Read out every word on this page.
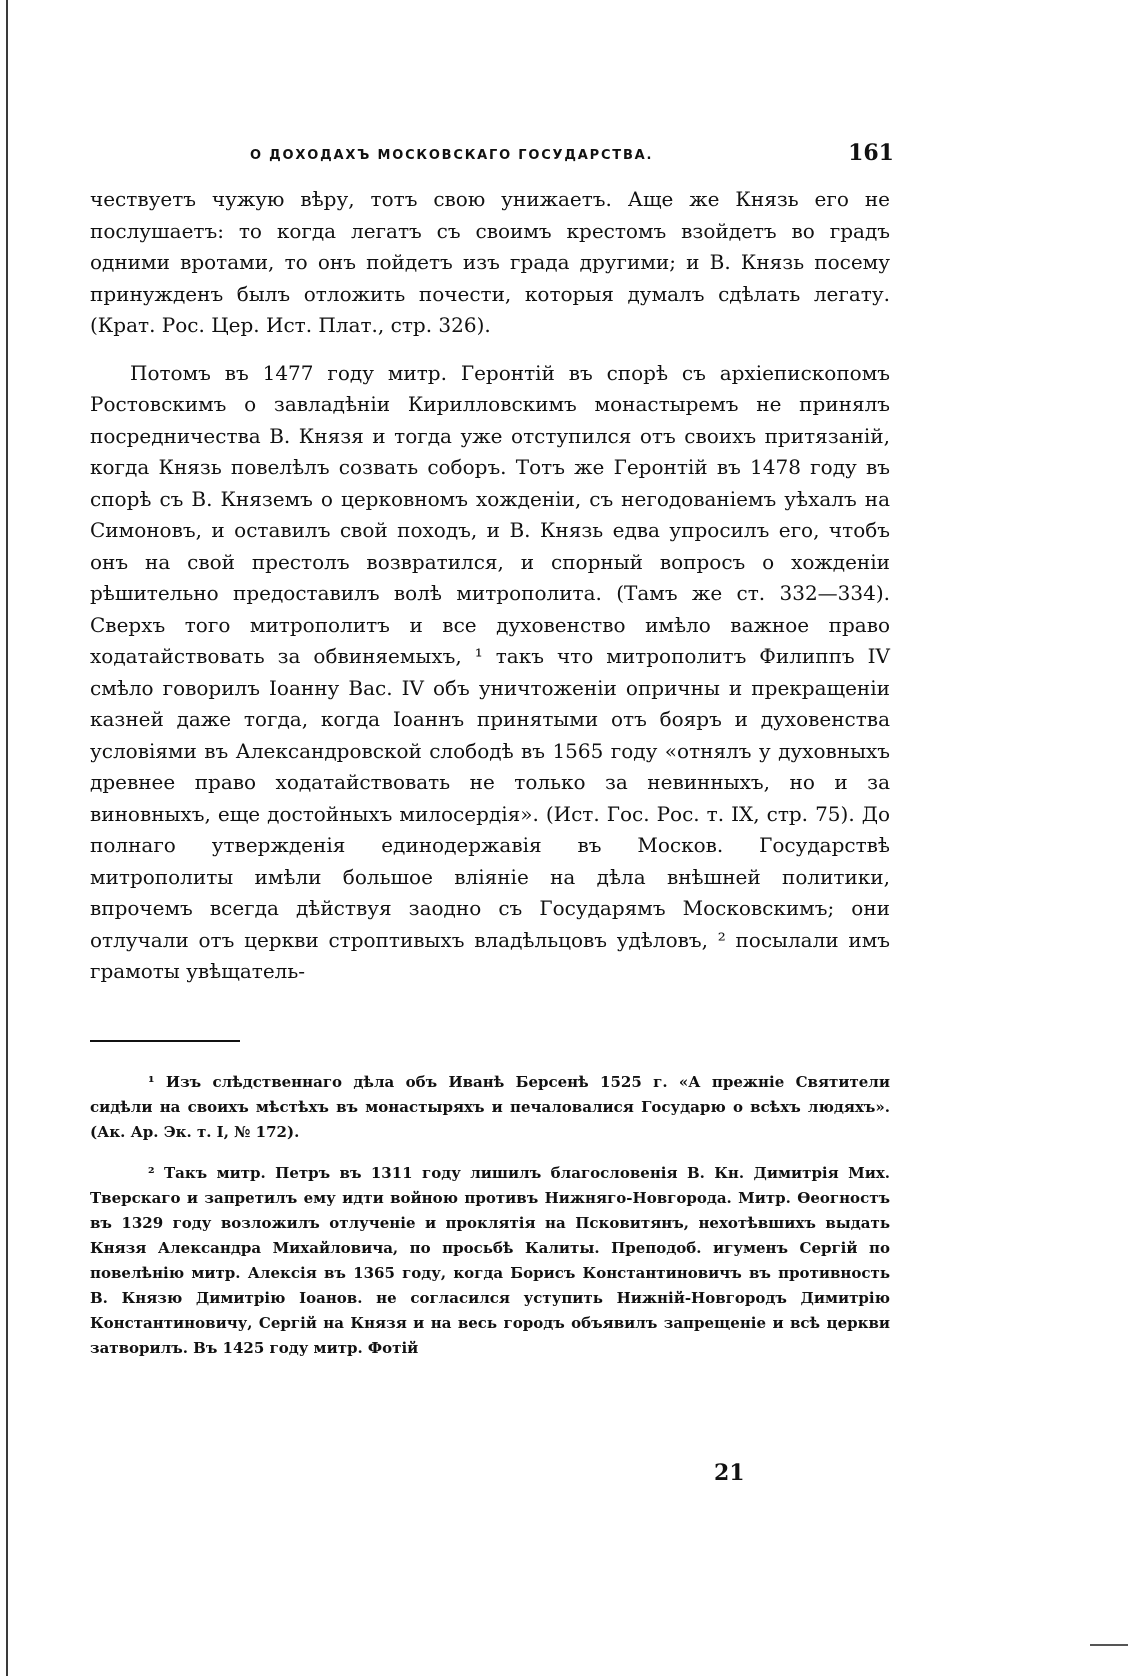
О ДОХОДАХЪ МОСКОВСКАГО ГОСУДАРСТВА.	161

чествуетъ чужую вѣру, тотъ свою унижаетъ. Аще же Князь его не послушаетъ: то когда легатъ съ своимъ крестомъ взойдетъ во градъ одними вротами, то онъ пойдетъ изъ града другими; и В. Князь посему принужденъ былъ отложить почести, которыя думалъ сдѣлать легату. (Крат. Рос. Цер. Ист. Плат., стр. 326).

Потомъ въ 1477 году митр. Геронтій въ спорѣ съ архіепископомъ Ростовскимъ о завладѣніи Кирилловскимъ монастыремъ не принялъ посредничества В. Князя и тогда уже отступился отъ своихъ притязаній, когда Князь повелѣлъ созвать соборъ. Тотъ же Геронтій въ 1478 году въ спорѣ съ В. Княземъ о церковномъ хожденіи, съ негодованіемъ уѣхалъ на Симоновъ, и оставилъ свой походъ, и В. Князь едва упросилъ его, чтобъ онъ на свой престолъ возвратился, и спорный вопросъ о хожденіи рѣшительно предоставилъ волѣ митрополита. (Тамъ же ст. 332—334). Сверхъ того митрополитъ и все духовенство имѣло важное право ходатайствовать за обвиняемыхъ, ¹ такъ что митрополитъ Филиппъ IV смѣло говорилъ Іоанну Вас. IV объ уничтоженіи опричны и прекращеніи казней даже тогда, когда Іоаннъ принятыми отъ бояръ и духовенства условіями въ Александровской слободѣ въ 1565 году «отнялъ у духовныхъ древнее право ходатайствовать не только за невинныхъ, но и за виновныхъ, еще достойныхъ милосердія». (Ист. Гос. Рос. т. IX, стр. 75). До полнаго утвержденія единодержавія въ Москов. Государствѣ митрополиты имѣли большое вліяніе на дѣла внѣшней политики, впрочемъ всегда дѣйствуя заодно съ Государямъ Московскимъ; они отлучали отъ церкви строптивыхъ владѣльцовъ удѣловъ, ² посылали имъ грамоты увѣщатель-

¹ Изъ слѣдственнаго дѣла объ Иванѣ Берсенѣ 1525 г. «А прежніе Святители сидѣли на своихъ мѣстѣхъ въ монастыряхъ и печаловалися Государю о всѣхъ людяхъ». (Ак. Ар. Эк. т. I, № 172).

² Такъ митр. Петръ въ 1311 году лишилъ благословенія В. Кн. Димитрія Мих. Тверскаго и запретилъ ему идти войною противъ Нижняго-Новгорода. Митр. Ѳеогностъ въ 1329 году возложилъ отлученіе и проклятія на Псковитянъ, нехотѣвшихъ выдать Князя Александра Михайловича, по просьбѣ Калиты. Преподоб. игуменъ Сергій по повелѣнію митр. Алексія въ 1365 году, когда Борисъ Константиновичъ въ противность В. Князю Димитрію Іоанов. не согласился уступить Нижній-Новгородъ Димитрію Константиновичу, Сергій на Князя и на весь городъ объявилъ запрещеніе и всѣ церкви затворилъ. Въ 1425 году митр. Фотій

21
